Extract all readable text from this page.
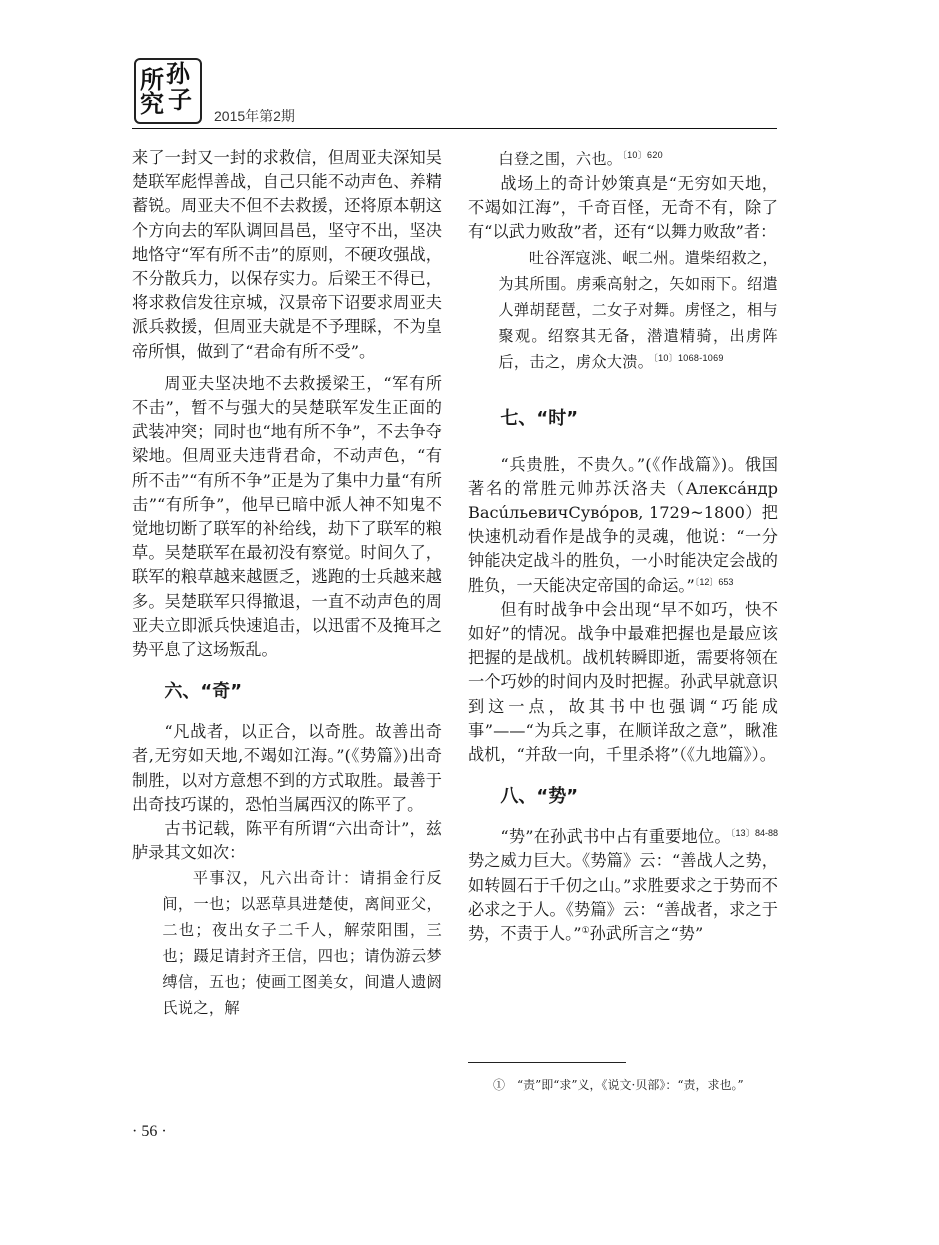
所 孙
究 子
2015年第2期

来了一封又一封的求救信，但周亚夫深知吴楚联军彪悍善战，自己只能不动声色、养精蓄锐。周亚夫不但不去救援，还将原本朝这个方向去的军队调回昌邑，坚守不出，坚决地恪守“军有所不击”的原则，不硬攻强战，不分散兵力，以保存实力。后梁王不得已，将求救信发往京城，汉景帝下诏要求周亚夫派兵救援，但周亚夫就是不予理睬，不为皇帝所惧，做到了“君命有所不受”。

周亚夫坚决地不去救援梁王，“军有所不击”，暂不与强大的吴楚联军发生正面的武装冲突；同时也“地有所不争”，不去争夺梁地。但周亚夫违背君命，不动声色，“有所不击”“有所不争”正是为了集中力量“有所击”“有所争”，他早已暗中派人神不知鬼不觉地切断了联军的补给线，劫下了联军的粮草。吴楚联军在最初没有察觉。时间久了，联军的粮草越来越匮乏，逃跑的士兵越来越多。吴楚联军只得撤退，一直不动声色的周亚夫立即派兵快速追击，以迅雷不及掩耳之势平息了这场叛乱。

六、“奇”

“凡战者，以正合，以奇胜。故善出奇者,无穷如天地,不竭如江海。”(《势篇》)出奇制胜，以对方意想不到的方式取胜。最善于出奇技巧谋的，恐怕当属西汉的陈平了。

古书记载，陈平有所谓“六出奇计”，兹胪录其文如次：

平事汉，凡六出奇计：请捐金行反间，一也；以恶草具进楚使，离间亚父，二也；夜出女子二千人，解荥阳围，三也；蹑足请封齐王信，四也；请伪游云梦缚信，五也；使画工图美女，间遣人遗阏氏说之，解

白登之围，六也。$^{〔10〕620}$

战场上的奇计妙策真是“无穷如天地，不竭如江海”，千奇百怪，无奇不有，除了有“以武力败敌”者，还有“以舞力败敌”者：

吐谷浑寇洮、岷二州。遣柴绍救之，为其所围。虏乘高射之，矢如雨下。绍遣人弹胡琵琶，二女子对舞。虏怪之，相与聚观。绍察其无备，潜遣精骑，出虏阵后，击之，虏众大溃。$^{〔10〕1068-1069}$

七、“时”

“兵贵胜，不贵久。”(《作战篇》)。俄国著名的常胜元帅苏沃洛夫（Алексáндр ВасúльевичСувóров, 1729~1800）把快速机动看作是战争的灵魂，他说：“一分钟能决定战斗的胜负，一小时能决定会战的胜负，一天能决定帝国的命运。”$^{〔12〕653}$

但有时战争中会出现“早不如巧，快不如好”的情况。战争中最难把握也是最应该把握的是战机。战机转瞬即逝，需要将领在一个巧妙的时间内及时把握。孙武早就意识到这一点，故其书中也强调“巧能成事”——“为兵之事，在顺详敌之意”，瞅准战机，“并敌一向，千里杀将”（《九地篇》）。

八、“势”

“势”在孙武书中占有重要地位。$^{〔13〕84-88}$势之威力巨大。《势篇》云：“善战人之势，如转圆石于千仞之山。”求胜要求之于势而不必求之于人。《势篇》云：“善战者，求之于势，不责于人。”①孙武所言之“势”

①　“责”即“求”义，《说文·贝部》：“责，求也。”
· 56 ·
